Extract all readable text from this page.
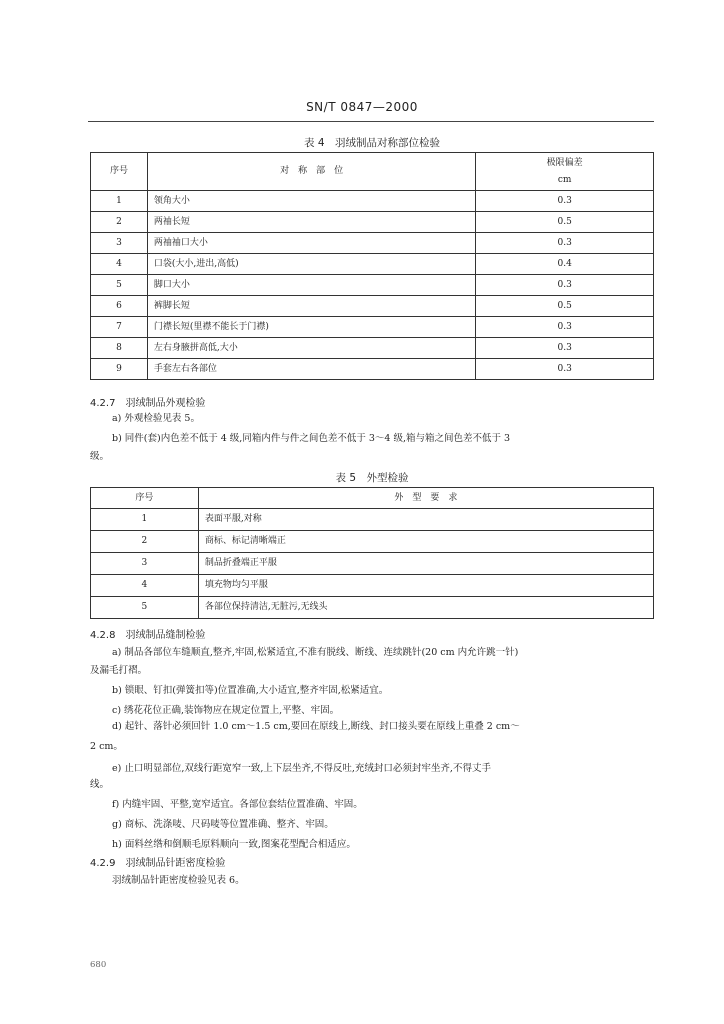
SN/T 0847—2000
表 4　羽绒制品对称部位检验
序号	对　称　部　位	极限偏差
cm

1	领角大小	0.3
2	两袖长短	0.5
3	两袖袖口大小	0.3
4	口袋(大小,进出,高低)	0.4
5	脚口大小	0.3
6	裤脚长短	0.5
7	门襟长短(里襟不能长于门襟)	0.3
8	左右身腋拼高低,大小	0.3
9	手套左右各部位	0.3
4.2.7　羽绒制品外观检验
a) 外观检验见表 5。
b) 同件(套)内色差不低于 4 级,同箱内件与件之间色差不低于 3～4 级,箱与箱之间色差不低于 3
级。
表 5　外型检验
序号	外　型　要　求
1	表面平服,对称
2	商标、标记清晰端正
3	制品折叠端正平服
4	填充物均匀平服
5	各部位保持清洁,无脏污,无线头
4.2.8　羽绒制品缝制检验
a) 制品各部位车缝顺直,整齐,牢固,松紧适宜,不准有脱线、断线、连续跳针(20 cm 内允许跳一针)
及漏毛打褶。
b) 锁眼、钉扣(弹簧扣等)位置准确,大小适宜,整齐牢固,松紧适宜。
c) 绣花花位正确,装饰物应在规定位置上,平整、牢固。
d) 起针、落针必须回针 1.0 cm～1.5 cm,要回在原线上,断线、封口接头要在原线上重叠 2 cm～
2 cm。
e) 止口明显部位,双线行距宽窄一致,上下层坐齐,不得反吐,充绒封口必须封牢坐齐,不得丈手
线。
f) 内缝牢固、平整,宽窄适宜。各部位套结位置准确、牢固。
g) 商标、洗涤唛、尺码唛等位置准确、整齐、牢固。
h) 面料丝绺和倒顺毛原料顺向一致,图案花型配合相适应。
4.2.9　羽绒制品针距密度检验
羽绒制品针距密度检验见表 6。
680
